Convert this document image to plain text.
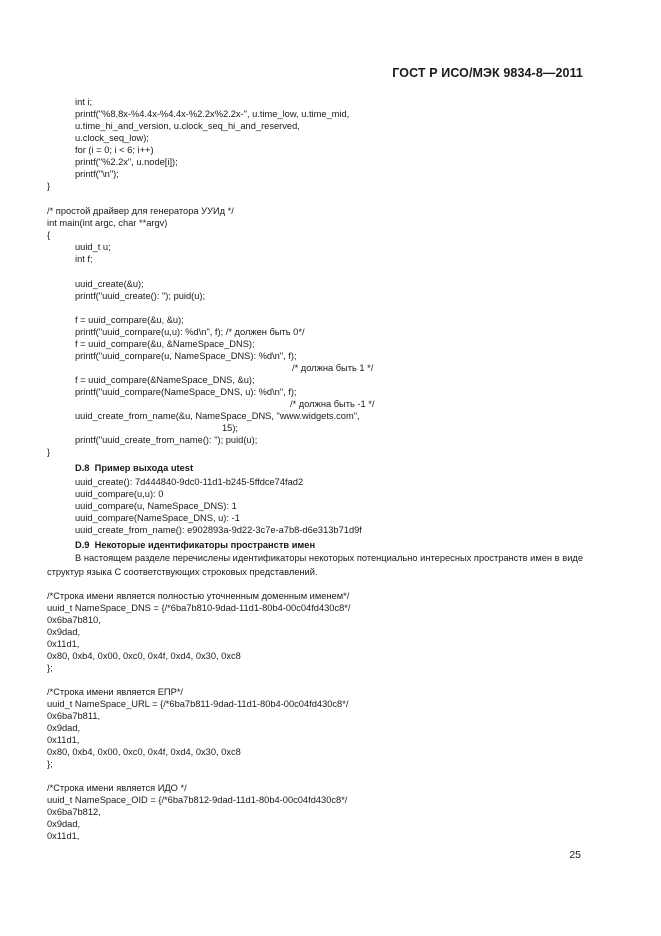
ГОСТ Р ИСО/МЭК 9834-8—2011
int i;
printf("%8.8x-%4.4x-%4.4x-%2.2x%2.2x-", u.time_low, u.time_mid,
u.time_hi_and_version, u.clock_seq_hi_and_reserved,
u.clock_seq_low);
for (i = 0; i < 6; i++)
printf("%2.2x", u.node[i]);
printf("\n");
}
/* простой драйвер для генератора УУИд */
int main(int argc, char **argv)
{
uuid_t u;
int f;
uuid_create(&u);
printf("uuid_create(): "); puid(u);
f = uuid_compare(&u, &u);
printf("uuid_compare(u,u): %d\n", f); /* должен быть 0*/
f = uuid_compare(&u, &NameSpace_DNS);
printf("uuid_compare(u, NameSpace_DNS): %d\n", f);
/* должна быть 1 */
f = uuid_compare(&NameSpace_DNS, &u);
printf("uuid_compare(NameSpace_DNS, u): %d\n", f);
/* должна быть -1 */
uuid_create_from_name(&u, NameSpace_DNS, "www.widgets.com",
15);
printf("uuid_create_from_name(): "); puid(u);
}
D.8  Пример выхода utest
uuid_create(): 7d444840-9dc0-11d1-b245-5ffdce74fad2
uuid_compare(u,u): 0
uuid_compare(u, NameSpace_DNS): 1
uuid_compare(NameSpace_DNS, u): -1
uuid_create_from_name(): e902893a-9d22-3c7e-a7b8-d6e313b71d9f
D.9  Некоторые идентификаторы пространств имен
В настоящем разделе перечислены идентификаторы некоторых потенциально интересных пространств имен в виде структур языка С соответствующих строковых представлений.
/*Строка имени является полностью уточненным доменным именем*/
uuid_t NameSpace_DNS = {/*6ba7b810-9dad-11d1-80b4-00c04fd430c8*/
0x6ba7b810,
0x9dad,
0x11d1,
0x80, 0xb4, 0x00, 0xc0, 0x4f, 0xd4, 0x30, 0xc8
};
/*Строка имени является ЕПР*/
uuid_t NameSpace_URL = {/*6ba7b811-9dad-11d1-80b4-00c04fd430c8*/
0x6ba7b811,
0x9dad,
0x11d1,
0x80, 0xb4, 0x00, 0xc0, 0x4f, 0xd4, 0x30, 0xc8
};
/*Строка имени является ИДО */
uuid_t NameSpace_OID = {/*6ba7b812-9dad-11d1-80b4-00c04fd430c8*/
0x6ba7b812,
0x9dad,
0x11d1,
25
